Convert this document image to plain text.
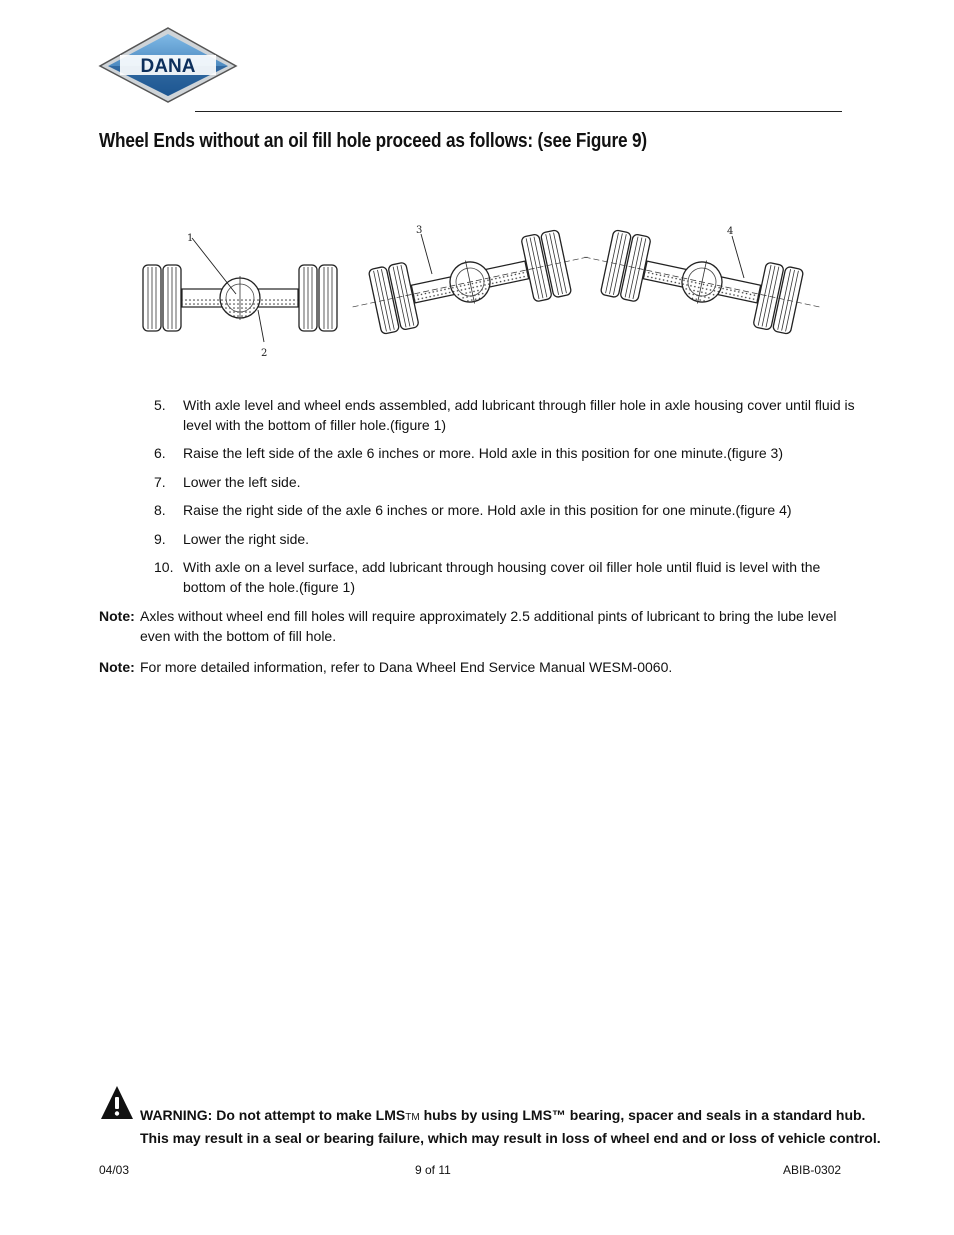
DANA
Wheel Ends without an oil fill hole proceed as follows: (see Figure 9)
1
2
3	4
5. With axle level and wheel ends assembled, add lubricant through filler hole in axle housing cover until fluid is level with the bottom of filler hole.(figure 1)
6. Raise the left side of the axle 6 inches or more. Hold axle in this position for one minute.(figure 3)
7. Lower the left side.
8. Raise the right side of the axle 6 inches or more. Hold axle in this position for one minute.(figure 4)
9. Lower the right side.
10. With axle on a level surface, add lubricant through housing cover oil filler hole until fluid is level with the bottom of the hole.(figure 1)
Note: Axles without wheel end fill holes will require approximately 2.5 additional pints of lubricant to bring the lube level even with the bottom of fill hole.
Note: For more detailed information, refer to Dana Wheel End Service Manual WESM-0060.
WARNING: Do not attempt to make LMSTM hubs by using LMS™ bearing, spacer and seals in a standard hub.
This may result in a seal or bearing failure, which may result in loss of wheel end and or loss of vehicle control.
04/03	9 of 11	ABIB-0302
